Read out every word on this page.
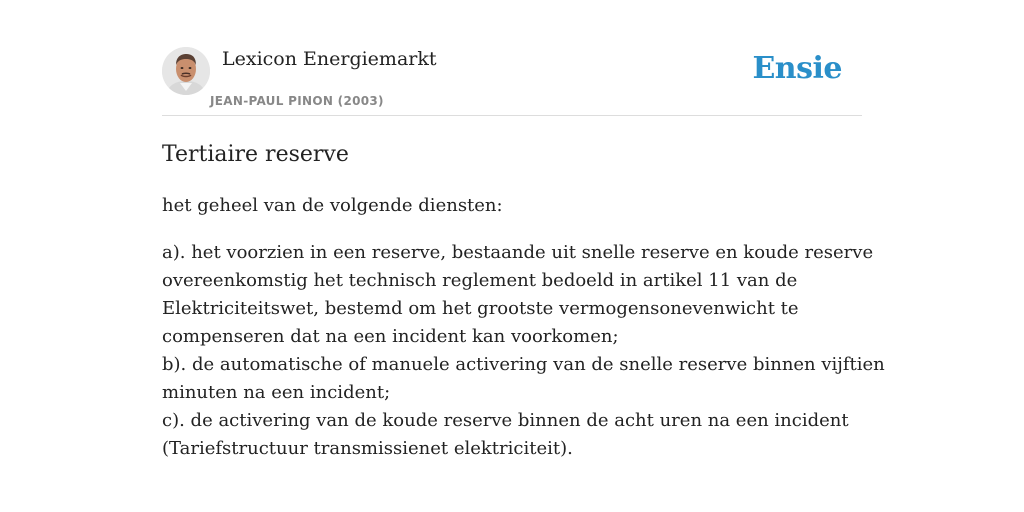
Lexicon Energiemarkt
JEAN-PAUL PINON (2003)
Ensie
Tertiaire reserve

het geheel van de volgende diensten:

a). het voorzien in een reserve, bestaande uit snelle reserve en koude reserve

overeenkomstig het technisch reglement bedoeld in artikel 11 van de

Elektriciteitswet, bestemd om het grootste vermogensonevenwicht te

compenseren dat na een incident kan voorkomen;

b). de automatische of manuele activering van de snelle reserve binnen vijftien

minuten na een incident;

c). de activering van de koude reserve binnen de acht uren na een incident

(Tariefstructuur transmissienet elektriciteit).
